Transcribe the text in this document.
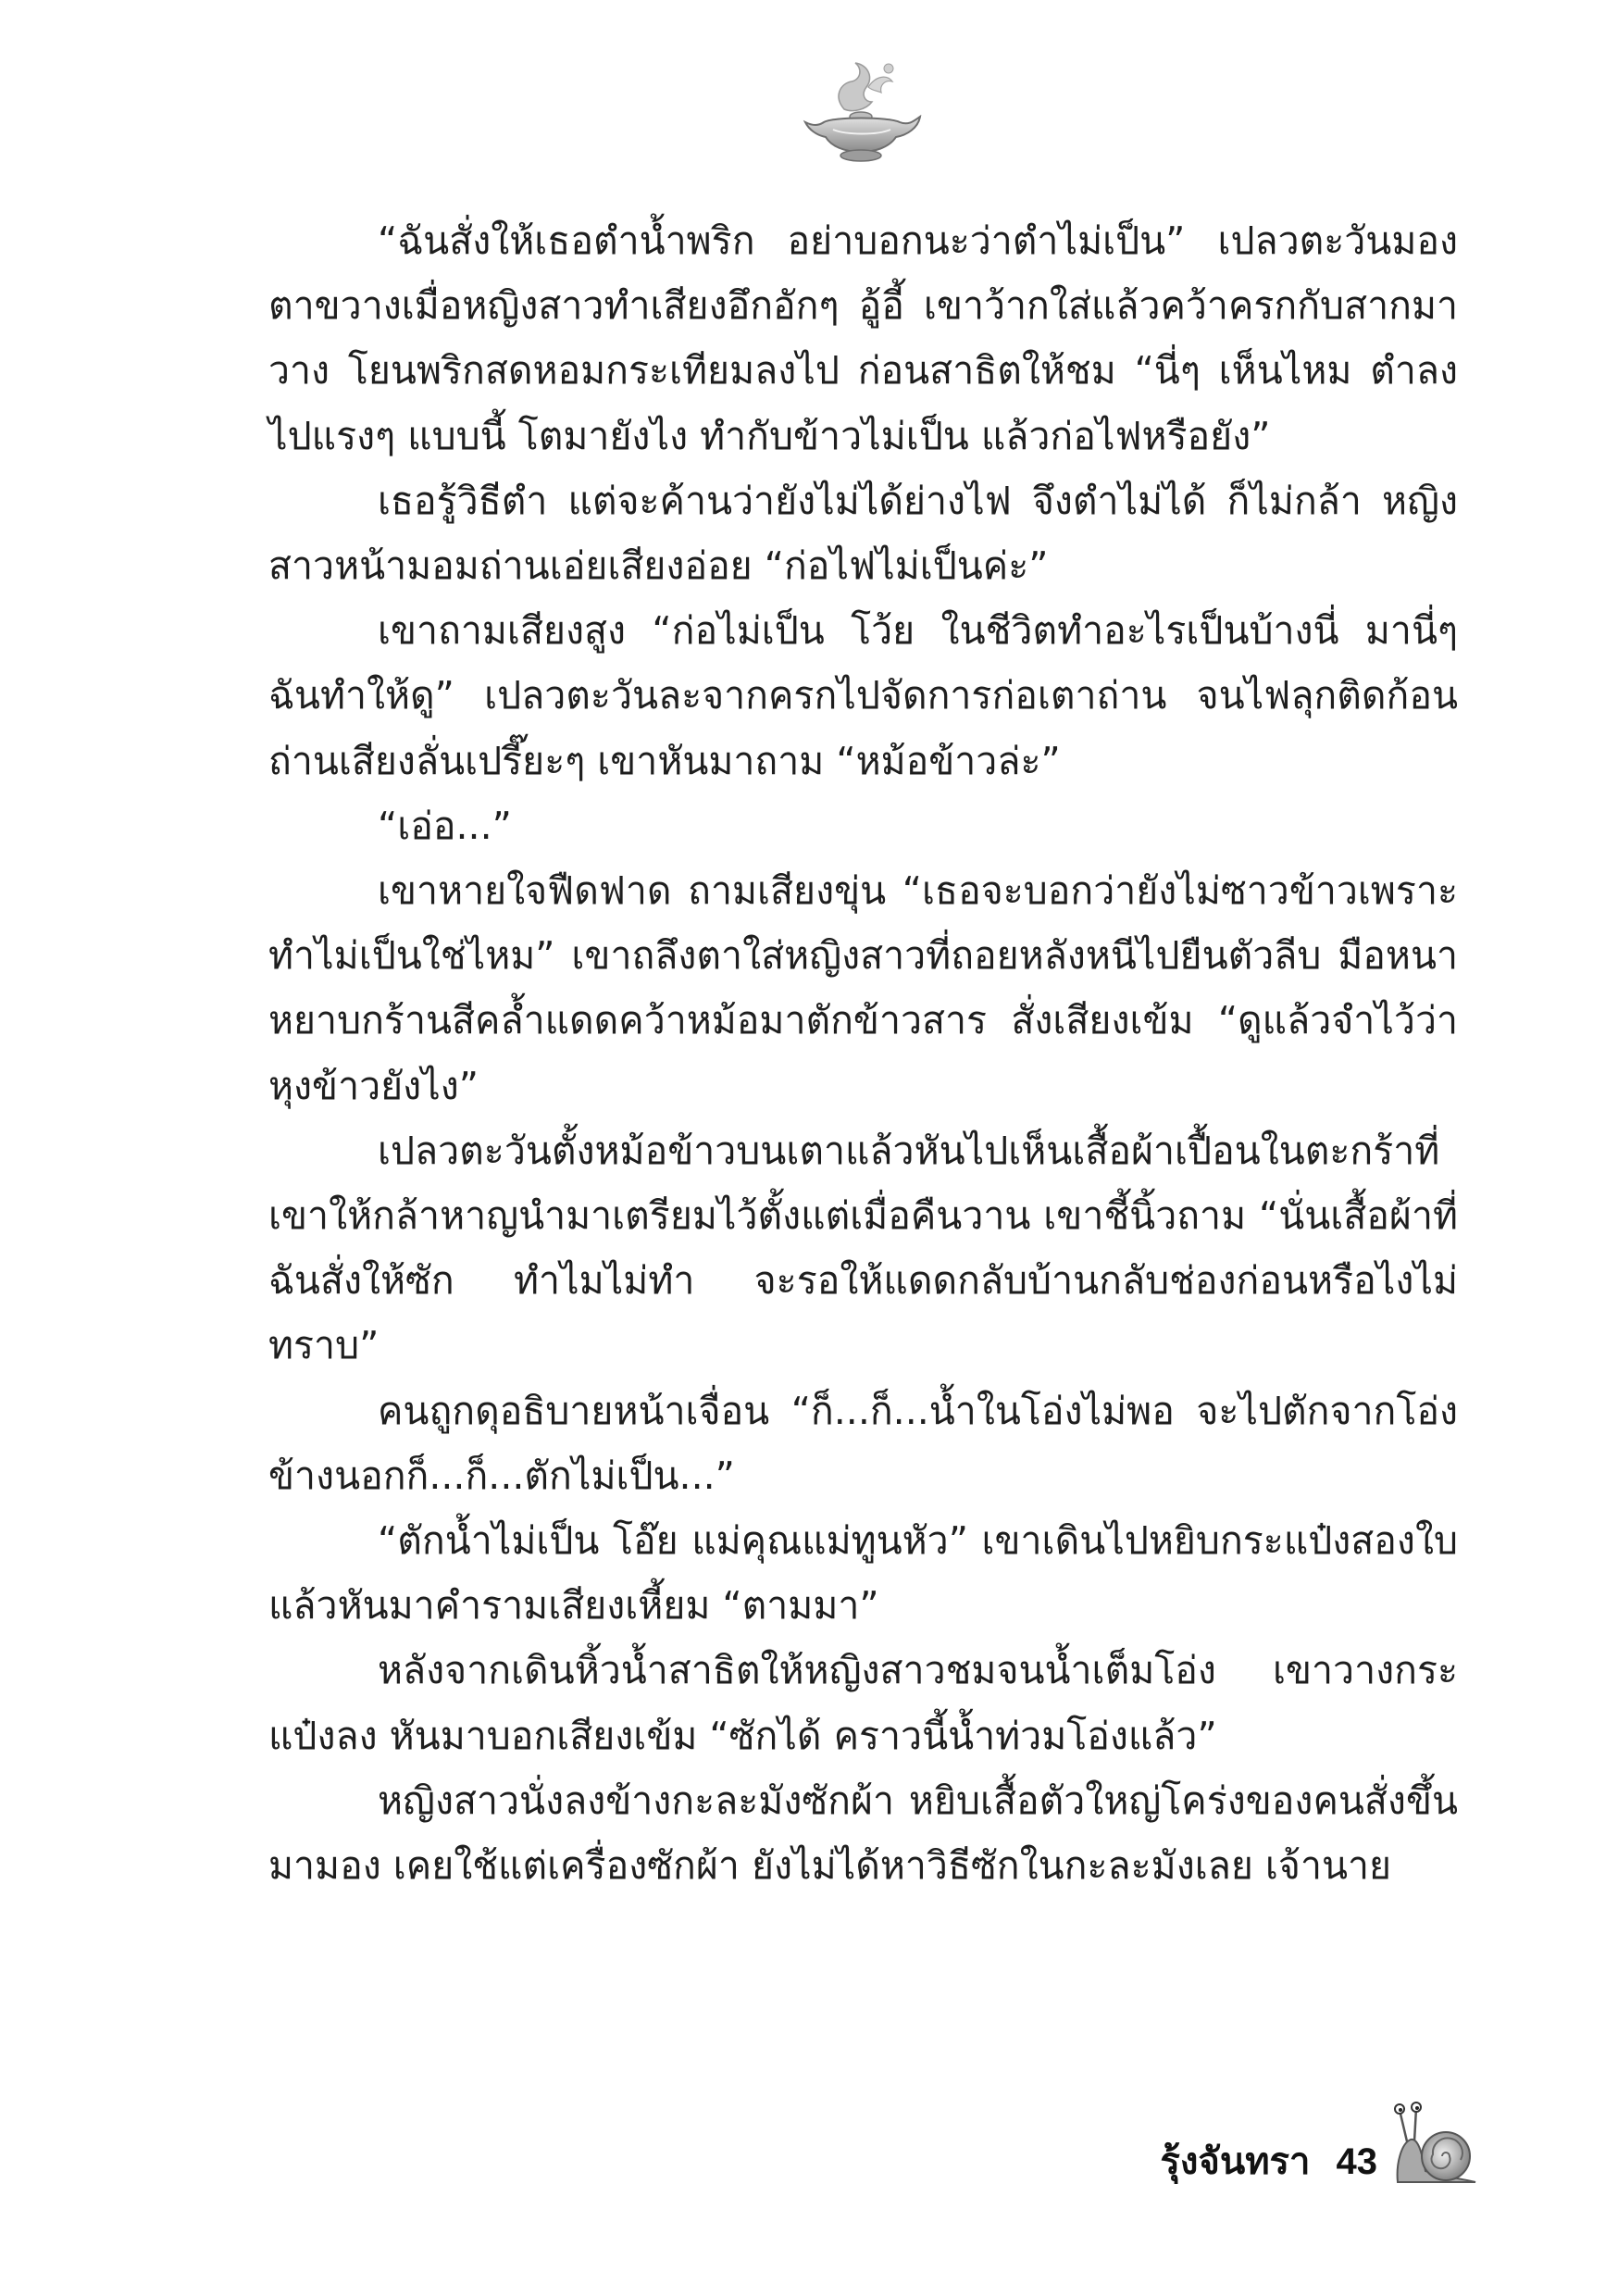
“ฉันสั่งให้เธอตำน้ำพริก อย่าบอกนะว่าตำไม่เป็น” เปลวตะวันมองตาขวางเมื่อหญิงสาวทำเสียงอึกอักๆ อู้อี้ เขาว้ากใส่แล้วคว้าครกกับสากมาวาง โยนพริกสดหอมกระเทียมลงไป ก่อนสาธิตให้ชม “นี่ๆ เห็นไหม ตำลงไปแรงๆ แบบนี้ โตมายังไง ทำกับข้าวไม่เป็น แล้วก่อไฟหรือยัง”

เธอรู้วิธีตำ แต่จะค้านว่ายังไม่ได้ย่างไฟ จึงตำไม่ได้ ก็ไม่กล้า หญิงสาวหน้ามอมถ่านเอ่ยเสียงอ่อย “ก่อไฟไม่เป็นค่ะ”

เขาถามเสียงสูง “ก่อไม่เป็น โว้ย ในชีวิตทำอะไรเป็นบ้างนี่ มานี่ๆ ฉันทำให้ดู” เปลวตะวันละจากครกไปจัดการก่อเตาถ่าน จนไฟลุกติดก้อนถ่านเสียงลั่นเปรี๊ยะๆ เขาหันมาถาม “หม้อข้าวล่ะ”

“เอ่อ...”

เขาหายใจฟืดฟาด ถามเสียงขุ่น “เธอจะบอกว่ายังไม่ซาวข้าวเพราะทำไม่เป็นใช่ไหม” เขาถลึงตาใส่หญิงสาวที่ถอยหลังหนีไปยืนตัวลีบ มือหนาหยาบกร้านสีคล้ำแดดคว้าหม้อมาตักข้าวสาร สั่งเสียงเข้ม “ดูแล้วจำไว้ว่าหุงข้าวยังไง”

เปลวตะวันตั้งหม้อข้าวบนเตาแล้วหันไปเห็นเสื้อผ้าเปื้อนในตะกร้าที่เขาให้กล้าหาญนำมาเตรียมไว้ตั้งแต่เมื่อคืนวาน เขาชี้นิ้วถาม “นั่นเสื้อผ้าที่ฉันสั่งให้ซัก ทำไมไม่ทำ จะรอให้แดดกลับบ้านกลับช่องก่อนหรือไงไม่ทราบ”

คนถูกดุอธิบายหน้าเจื่อน “ก็...ก็...น้ำในโอ่งไม่พอ จะไปตักจากโอ่งข้างนอกก็...ก็...ตักไม่เป็น...”

“ตักน้ำไม่เป็น โอ๊ย แม่คุณแม่ทูนหัว” เขาเดินไปหยิบกระแป๋งสองใบแล้วหันมาคำรามเสียงเหี้ยม “ตามมา”

หลังจากเดินหิ้วน้ำสาธิตให้หญิงสาวชมจนน้ำเต็มโอ่ง เขาวางกระแป๋งลง หันมาบอกเสียงเข้ม “ซักได้ คราวนี้น้ำท่วมโอ่งแล้ว”

หญิงสาวนั่งลงข้างกะละมังซักผ้า หยิบเสื้อตัวใหญ่โคร่งของคนสั่งขึ้นมามอง เคยใช้แต่เครื่องซักผ้า ยังไม่ได้หาวิธีซักในกะละมังเลย เจ้านาย

รุ้งจันทรา 43
